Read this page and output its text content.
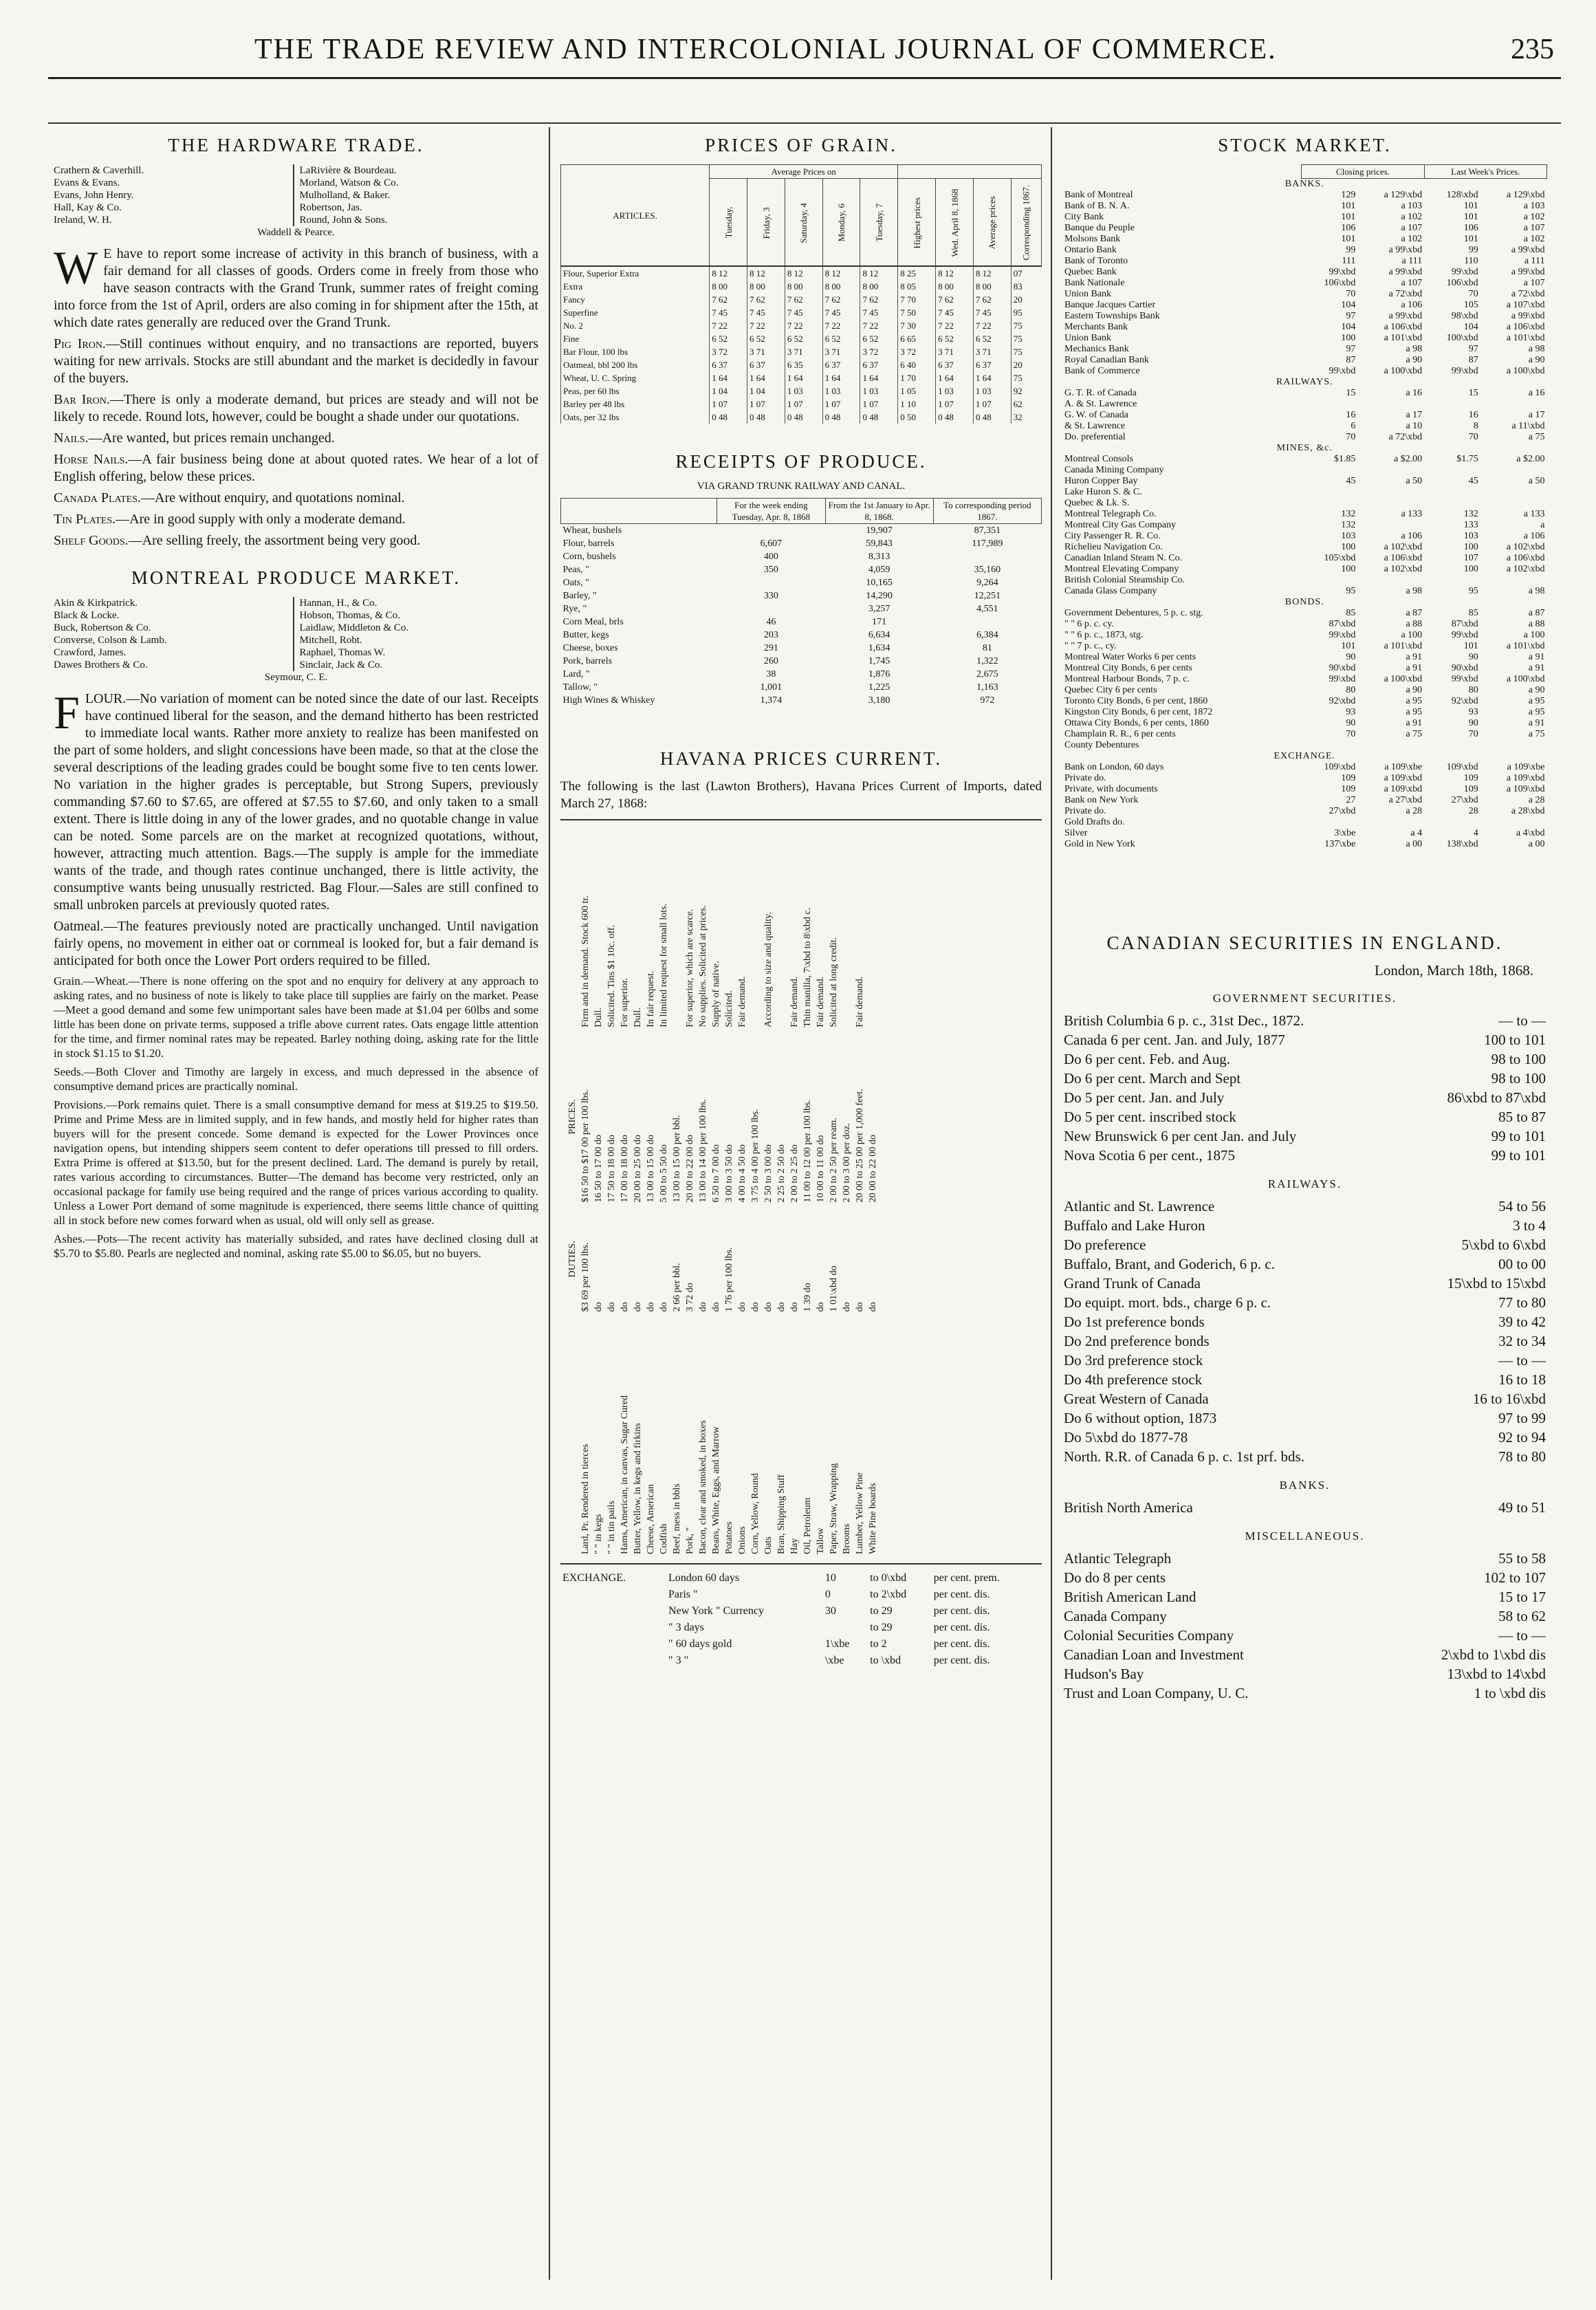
THE TRADE REVIEW AND INTERCOLONIAL JOURNAL OF COMMERCE.	235
THE HARDWARE TRADE.
Crathern & Caverhill.
Evans & Evans.
Evans, John Henry.
Hall, Kay & Co.
Ireland, W. H.
LaRivière & Bourdeau.
Morland, Watson & Co.
Mulholland, & Baker.
Robertson, Jas.
Round, John & Sons.
Waddell & Pearce.

W E have to report some increase of activity in this branch of business, with a fair demand for all classes of goods. Orders come in freely from those who have season contracts with the Grand Trunk, summer rates of freight coming into force from the 1st of April, orders are also coming in for shipment after the 15th, at which date rates generally are reduced over the Grand Trunk.

Pig Iron.—Still continues without enquiry, and no transactions are reported, buyers waiting for new arrivals. Stocks are still abundant and the market is decidedly in favour of the buyers.

Bar Iron.—There is only a moderate demand, but prices are steady and will not be likely to recede. Round lots, however, could be bought a shade under our quotations.

Nails.—Are wanted, but prices remain unchanged.

Horse Nails.—A fair business being done at about quoted rates. We hear of a lot of English offering, below these prices.

Canada Plates.—Are without enquiry, and quotations nominal.

Tin Plates.—Are in good supply with only a moderate demand.

Shelf Goods.—Are selling freely, the assortment being very good.

MONTREAL PRODUCE MARKET.
Akin & Kirkpatrick.
Black & Locke.
Buck, Robertson & Co.
Converse, Colson & Lamb.
Crawford, James.
Dawes Brothers & Co.
Hannan, H., & Co.
Hobson, Thomas, & Co.
Laidlaw, Middleton & Co.
Mitchell, Robt.
Raphael, Thomas W.
Sinclair, Jack & Co.
Seymour, C. E.

FLOUR.—No variation of moment can be noted since the date of our last. Receipts have continued liberal for the season, and the demand hitherto has been restricted to immediate local wants. Rather more anxiety to realize has been manifested on the part of some holders, and slight concessions have been made, so that at the close the several descriptions of the leading grades could be bought some five to ten cents lower. No variation in the higher grades is perceptable, but Strong Supers, previously commanding $7.60 to $7.65, are offered at $7.55 to $7.60, and only taken to a small extent. There is little doing in any of the lower grades, and no quotable change in value can be noted. Some parcels are on the market at recognized quotations, without, however, attracting much attention. Bags.—The supply is ample for the immediate wants of the trade, and though rates continue unchanged, there is little activity, the consumptive wants being unusually restricted. Bag Flour.—Sales are still confined to small unbroken parcels at previously quoted rates.

Oatmeal.—The features previously noted are practically unchanged. Until navigation fairly opens, no movement in either oat or cornmeal is looked for, but a fair demand is anticipated for both once the Lower Port orders required to be filled.

Grain.—Wheat.—There is none offering on the spot and no enquiry for delivery at any approach to asking rates, and no business of note is likely to take place till supplies are fairly on the market. Pease—Meet a good demand and some few unimportant sales have been made at $1.04 per 60lbs and some little has been done on private terms, supposed a trifle above current rates. Oats engage little attention for the time, and firmer nominal rates may be repeated. Barley nothing doing, asking rate for the little in stock $1.15 to $1.20.

Seeds.—Both Clover and Timothy are largely in excess, and much depressed in the absence of consumptive demand prices are practically nominal.

Provisions.—Pork remains quiet. There is a small consumptive demand for mess at $19.25 to $19.50. Prime and Prime Mess are in limited supply, and in few hands, and mostly held for higher rates than buyers will for the present concede. Some demand is expected for the Lower Provinces once navigation opens, but intending shippers seem content to defer operations till pressed to fill orders. Extra Prime is offered at $13.50, but for the present declined. Lard. The demand is purely by retail, rates various according to circumstances. Butter—The demand has become very restricted, only an occasional package for family use being required and the range of prices various according to quality. Unless a Lower Port demand of some magnitude is experienced, there seems little chance of quitting all in stock before new comes forward when as usual, old will only sell as grease.

Ashes.—Pots—The recent activity has materially subsided, and rates have declined closing dull at $5.70 to $5.80. Pearls are neglected and nominal, asking rate $5.00 to $6.05, but no buyers.

PRICES OF GRAIN.
ARTICLES.	Average Prices on								
	Tuesday,	Friday, 3	Saturday, 4	Monday, 6	Tuesday, 7	Highest prices	Wed. April 8, 1868	Average prices	Corresponding 1867.
Flour, Superior Extra	8 12	8 12	8 12	8 12	8 12	8 25	8 12	8 12	07
Extra	8 00	8 00	8 00	8 00	8 00	8 05	8 00	8 00	83
Fancy	7 62	7 62	7 62	7 62	7 62	7 70	7 62	7 62	20
Superfine	7 45	7 45	7 45	7 45	7 45	7 50	7 45	7 45	95
No. 2	7 22	7 22	7 22	7 22	7 22	7 30	7 22	7 22	75
Fine	6 52	6 52	6 52	6 52	6 52	6 65	6 52	6 52	75
Bar Flour, 100 lbs	3 72	3 71	3 71	3 71	3 72	3 72	3 71	3 71	75
Oatmeal, bbl 200 lbs	6 37	6 37	6 35	6 37	6 37	6 40	6 37	6 37	20
Wheat, U. C. Spring	1 64	1 64	1 64	1 64	1 64	1 70	1 64	1 64	75
Peas, per 60 lbs	1 04	1 04	1 03	1 03	1 03	1 05	1 03	1 03	92
Barley per 48 lbs	1 07	1 07	1 07	1 07	1 07	1 10	1 07	1 07	62
Oats, per 32 lbs	0 48	0 48	0 48	0 48	0 48	0 50	0 48	0 48	32
RECEIPTS OF PRODUCE.
VIA GRAND TRUNK RAILWAY AND CANAL.
	For the week ending Tuesday, Apr. 8, 1868	From the 1st January to Apr. 8, 1868.	To corresponding period 1867.
Wheat, bushels		19,907	87,351
Flour, barrels	6,607	59,843	117,989
Corn, bushels	400	8,313	
Peas, "	350	4,059	35,160
Oats, "		10,165	9,264
Barley, "	330	14,290	12,251
Rye, "		3,257	4,551
Corn Meal, brls	46	171	
Butter, kegs	203	6,634	6,384
Cheese, boxes	291	1,634	81
Pork, barrels	260	1,745	1,322
Lard, "	38	1,876	2,675
Tallow, "	1,001	1,225	1,163
High Wines & Whiskey	1,374	3,180	972
HAVANA PRICES CURRENT.

The following is the last (Lawton Brothers), Havana Prices Current of Imports, dated March 27, 1868:

	DUTIES.	PRICES.	
Lard, Pr. Rendered in tierces	$3 69 per 100 lbs.	$16 50 to $17 00 per 100 lbs.	Firm and in demand. Stock 600 tr.
" " in kegs	do	16 50 to 17 00 do	Dull.
" " in tin pails	do	17 50 to 18 00 do	Solicited. Tins $1 10c. off.
Hams, American, in canvas, Sugar Cured	do	17 00 to 18 00 do	For superior.
Butter, Yellow, in kegs and firkins	do	20 00 to 25 00 do	Dull.
Cheese, American	do	13 00 to 15 00 do	In fair request.
Codfish	do	5 00 to 5 50 do	In limited request for small lots.
Beef, mess in bbls	2 66 per bbl.	13 00 to 15 00 per bbl.	
Pork, "	3 72 do	20 00 to 22 00 do	For superior, which are scarce.
Bacon, clear and smoked, in boxes	do	13 00 to 14 00 per 100 lbs.	No supplies. Solicited at prices.
Beans, White, Eggs, and Marrow	do	6 50 to 7 00 do	Supply of native.
Potatoes	1 76 per 100 lbs.	3 00 to 3 50 do	Solicited.
Onions	do	4 00 to 4 50 do	Fair demand.
Corn, Yellow, Round	do	3 75 to 4 00 per 100 lbs.	
Oats	do	2 50 to 3 00 do	According to size and quality.
Bran, Shipping Stuff	do	2 25 to 2 50 do	
Hay	do	2 00 to 2 25 do	Fair demand.
Oil, Petroleum	1 39 do	11 00 to 12 00 per 100 lbs.	Thin manilla, 7\xbd to 8\xbd c.
Tallow	do	10 00 to 11 00 do	Fair demand.
Paper, Straw, Wrapping	1 01\xbd do	2 00 to 2 50 per ream.	Solicited at long credit.
Brooms	do	2 00 to 3 00 per doz.	
Lumber, Yellow Pine	do	20 00 to 25 00 per 1,000 feet.	Fair demand.
White Pine boards	do	20 00 to 22 00 do	
EXCHANGE.	London 60 days	10	to 0\xbd	per cent. prem.
	Paris "	0	to 2\xbd	per cent. dis.
	New York " Currency	30	to 29	per cent. dis.
	" 3 days		to 29	per cent. dis.
	" 60 days gold	1\xbe	to 2	per cent. dis.
	" 3 "	\xbe	to \xbd	per cent. dis.
STOCK MARKET.
	Closing prices.		Last Week's Prices.	
BANKS.				
Bank of Montreal	129	a 129\xbd	128\xbd	a 129\xbd
Bank of B. N. A.	101	a 103	101	a 103
City Bank	101	a 102	101	a 102
Banque du Peuple	106	a 107	106	a 107
Molsons Bank	101	a 102	101	a 102
Ontario Bank	99	a 99\xbd	99	a 99\xbd
Bank of Toronto	111	a 111	110	a 111
Quebec Bank	99\xbd	a 99\xbd	99\xbd	a 99\xbd
Bank Nationale	106\xbd	a 107	106\xbd	a 107
Union Bank	70	a 72\xbd	70	a 72\xbd
Banque Jacques Cartier	104	a 106	105	a 107\xbd
Eastern Townships Bank	97	a 99\xbd	98\xbd	a 99\xbd
Merchants Bank	104	a 106\xbd	104	a 106\xbd
Union Bank	100	a 101\xbd	100\xbd	a 101\xbd
Mechanics Bank	97	a 98	97	a 98
Royal Canadian Bank	87	a 90	87	a 90
Bank of Commerce	99\xbd	a 100\xbd	99\xbd	a 100\xbd
RAILWAYS.				
G. T. R. of Canada	15	a 16	15	a 16
A. & St. Lawrence				
G. W. of Canada	16	a 17	16	a 17
& St. Lawrence	6	a 10	8	a 11\xbd
Do. preferential	70	a 72\xbd	70	a 75
MINES, &c.				
Montreal Consols	$1.85	a $2.00	$1.75	a $2.00
Canada Mining Company				
Huron Copper Bay	45	a 50	45	a 50
Lake Huron S. & C.				
Quebec & Lk. S.				
Montreal Telegraph Co.	132	a 133	132	a 133
Montreal City Gas Company	132		133	a
City Passenger R. R. Co.	103	a 106	103	a 106
Richelieu Navigation Co.	100	a 102\xbd	100	a 102\xbd
Canadian Inland Steam N. Co.	105\xbd	a 106\xbd	107	a 106\xbd
Montreal Elevating Company	100	a 102\xbd	100	a 102\xbd
British Colonial Steamship Co.				
Canada Glass Company	95	a 98	95	a 98
BONDS.				
Government Debentures, 5 p. c. stg.	85	a 87	85	a 87
" " 6 p. c. cy.	87\xbd	a 88	87\xbd	a 88
" " 6 p. c., 1873, stg.	99\xbd	a 100	99\xbd	a 100
" " 7 p. c., cy.	101	a 101\xbd	101	a 101\xbd
Montreal Water Works 6 per cents	90	a 91	90	a 91
Montreal City Bonds, 6 per cents	90\xbd	a 91	90\xbd	a 91
Montreal Harbour Bonds, 7 p. c.	99\xbd	a 100\xbd	99\xbd	a 100\xbd
Quebec City 6 per cents	80	a 90	80	a 90
Toronto City Bonds, 6 per cent, 1860	92\xbd	a 95	92\xbd	a 95
Kingston City Bonds, 6 per cent, 1872	93	a 95	93	a 95
Ottawa City Bonds, 6 per cents, 1860	90	a 91	90	a 91
Champlain R. R., 6 per cents	70	a 75	70	a 75
County Debentures				
EXCHANGE.				
Bank on London, 60 days	109\xbd	a 109\xbe	109\xbd	a 109\xbe
Private do.	109	a 109\xbd	109	a 109\xbd
Private, with documents	109	a 109\xbd	109	a 109\xbd
Bank on New York	27	a 27\xbd	27\xbd	a 28
Private do.	27\xbd	a 28	28	a 28\xbd
Gold Drafts do.				
Silver	3\xbe	a 4	4	a 4\xbd
Gold in New York	137\xbe	a 00	138\xbd	a 00
CANADIAN SECURITIES IN ENGLAND.
London, March 18th, 1868.
GOVERNMENT SECURITIES.
British Columbia 6 p. c., 31st Dec., 1872.	— to —
Canada 6 per cent. Jan. and July, 1877	100 to 101
Do 6 per cent. Feb. and Aug.	98 to 100
Do 6 per cent. March and Sept	98 to 100
Do 5 per cent. Jan. and July	86\xbd to 87\xbd
Do 5 per cent. inscribed stock	85 to 87
New Brunswick 6 per cent Jan. and July	99 to 101
Nova Scotia 6 per cent., 1875	99 to 101
RAILWAYS.
Atlantic and St. Lawrence	54 to 56
Buffalo and Lake Huron	3 to 4
Do preference	5\xbd to 6\xbd
Buffalo, Brant, and Goderich, 6 p. c.	00 to 00
Grand Trunk of Canada	15\xbd to 15\xbd
Do equipt. mort. bds., charge 6 p. c.	77 to 80
Do 1st preference bonds	39 to 42
Do 2nd preference bonds	32 to 34
Do 3rd preference stock	— to —
Do 4th preference stock	16 to 18
Great Western of Canada	16 to 16\xbd
Do 6 without option, 1873	97 to 99
Do 5\xbd do 1877-78	92 to 94
North. R.R. of Canada 6 p. c. 1st prf. bds.	78 to 80
BANKS.
British North America	49 to 51
MISCELLANEOUS.
Atlantic Telegraph	55 to 58
Do do 8 per cents	102 to 107
British American Land	15 to 17
Canada Company	58 to 62
Colonial Securities Company	— to —
Canadian Loan and Investment	2\xbd to 1\xbd dis
Hudson's Bay	13\xbd to 14\xbd
Trust and Loan Company, U. C.	1 to \xbd dis
